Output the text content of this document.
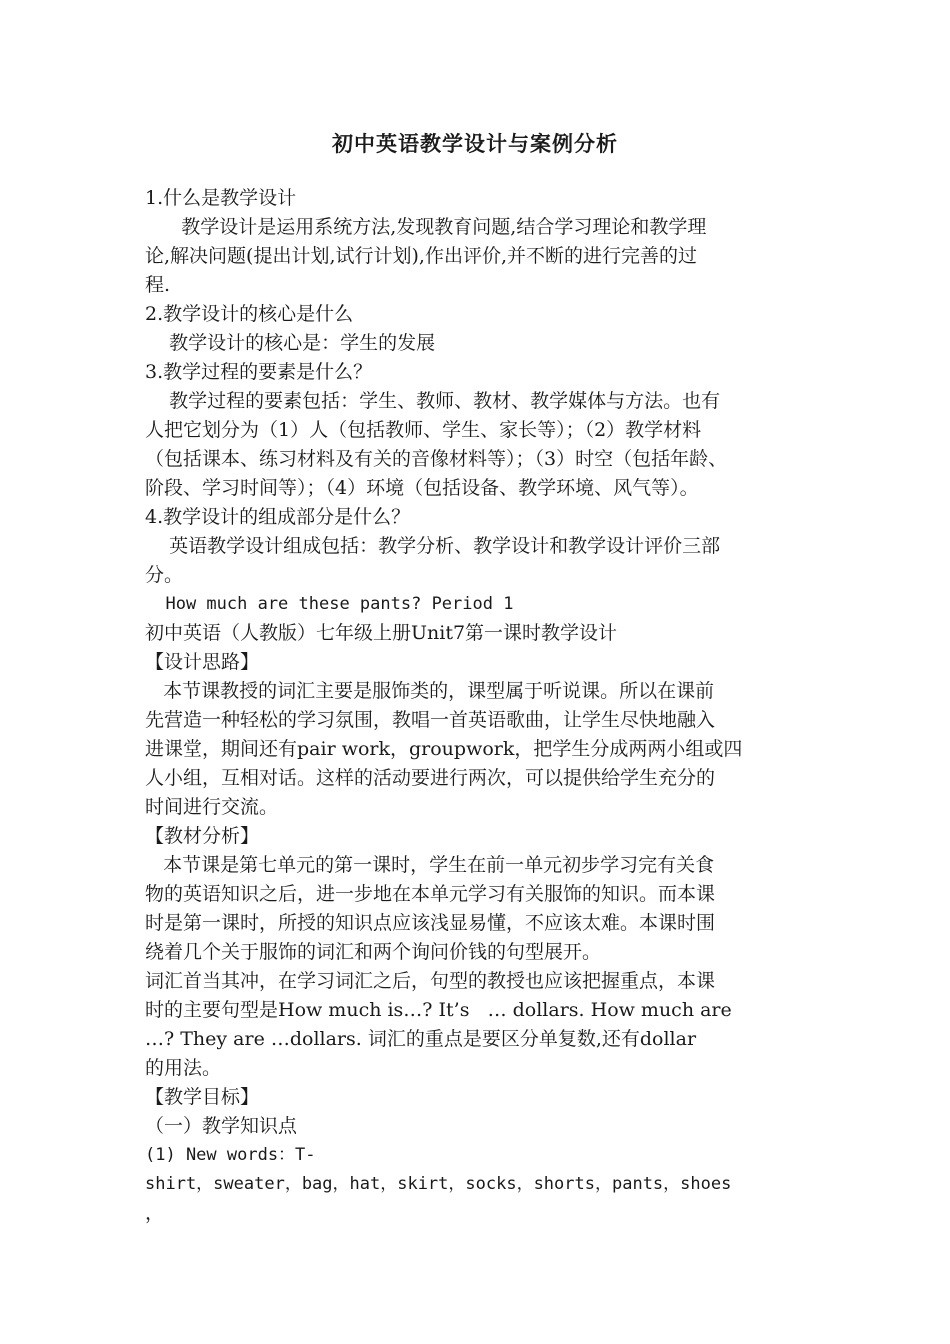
初中英语教学设计与案例分析
1.什么是教学设计
教学设计是运用系统方法,发现教育问题,结合学习理论和教学理
论,解决问题(提出计划,试行计划),作出评价,并不断的进行完善的过
程.
2.教学设计的核心是什么
教学设计的核心是：学生的发展
3.教学过程的要素是什么？
教学过程的要素包括：学生、教师、教材、教学媒体与方法。也有
人把它划分为（1）人（包括教师、学生、家长等）；（2）教学材料
（包括课本、练习材料及有关的音像材料等）；（3）时空（包括年龄、
阶段、学习时间等）；（4）环境（包括设备、教学环境、风气等）。
4.教学设计的组成部分是什么？
英语教学设计组成包括：教学分析、教学设计和教学设计评价三部
分。
How much are these pants? Period 1
初中英语（人教版）七年级上册Unit7第一课时教学设计
【设计思路】
本节课教授的词汇主要是服饰类的，课型属于听说课。所以在课前
先营造一种轻松的学习氛围，教唱一首英语歌曲，让学生尽快地融入
进课堂，期间还有pair work，groupwork，把学生分成两两小组或四
人小组，互相对话。这样的活动要进行两次，可以提供给学生充分的
时间进行交流。
【教材分析】
本节课是第七单元的第一课时，学生在前一单元初步学习完有关食
物的英语知识之后，进一步地在本单元学习有关服饰的知识。而本课
时是第一课时，所授的知识点应该浅显易懂，不应该太难。本课时围
绕着几个关于服饰的词汇和两个询问价钱的句型展开。
词汇首当其冲，在学习词汇之后，句型的教授也应该把握重点，本课
时的主要句型是How much is…? It’s   … dollars. How much are
…? They are …dollars. 词汇的重点是要区分单复数,还有dollar
的用法。
【教学目标】
（一）教学知识点
(1) New words：T-
shirt，sweater，bag，hat，skirt，socks，shorts，pants，shoes
，
